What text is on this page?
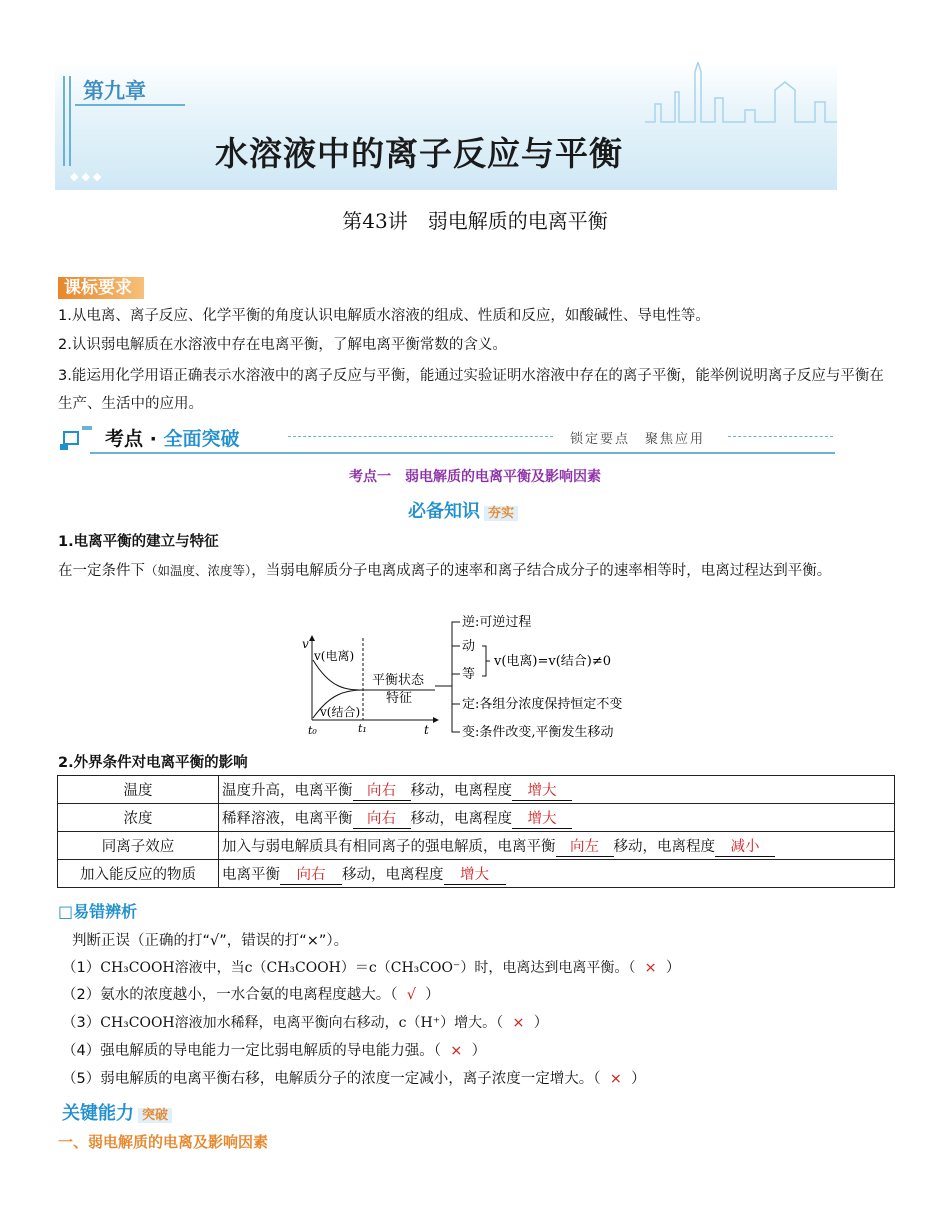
第九章
水溶液中的离子反应与平衡
◆◆◆
第43讲　弱电解质的电离平衡
课标要求
1.从电离、离子反应、化学平衡的角度认识电解质水溶液的组成、性质和反应，如酸碱性、导电性等。
2.认识弱电解质在水溶液中存在电离平衡，了解电离平衡常数的含义。
3.能运用化学用语正确表示水溶液中的离子反应与平衡，能通过实验证明水溶液中存在的离子平衡，能举例说明离子反应与平衡在生产、生活中的应用。
考点 · 全面突破	锁定要点　聚焦应用
考点一　弱电解质的电离平衡及影响因素
必备知识 夯实
1.电离平衡的建立与特征
在一定条件下（如温度、浓度等），当弱电解质分子电离成离子的速率和离子结合成分子的速率相等时，电离过程达到平衡。
v
t
t₀	t₁
v(电离)
v(结合)
平衡状态
特征
逆:可逆过程
动
等
v(电离)=v(结合)≠0
定:各组分浓度保持恒定不变
变:条件改变,平衡发生移动
2.外界条件对电离平衡的影响
温度	温度升高，电离平衡 向右 移动，电离程度 增大
浓度	稀释溶液，电离平衡 向右 移动，电离程度 增大
同离子效应	加入与弱电解质具有相同离子的强电解质，电离平衡 向左 移动，电离程度 减小
加入能反应的物质	电离平衡 向右 移动，电离程度 增大
□易错辨析
判断正误（正确的打“√”，错误的打“×”）。
（1）CH₃COOH溶液中，当c（CH₃COOH）＝c（CH₃COO⁻）时，电离达到电离平衡。（ × ）
（2）氨水的浓度越小，一水合氨的电离程度越大。（ √ ）
（3）CH₃COOH溶液加水稀释，电离平衡向右移动，c（H⁺）增大。（ × ）
（4）强电解质的导电能力一定比弱电解质的导电能力强。（ × ）
（5）弱电解质的电离平衡右移，电解质分子的浓度一定减小，离子浓度一定增大。（ × ）
关键能力 突破
一、弱电解质的电离及影响因素
